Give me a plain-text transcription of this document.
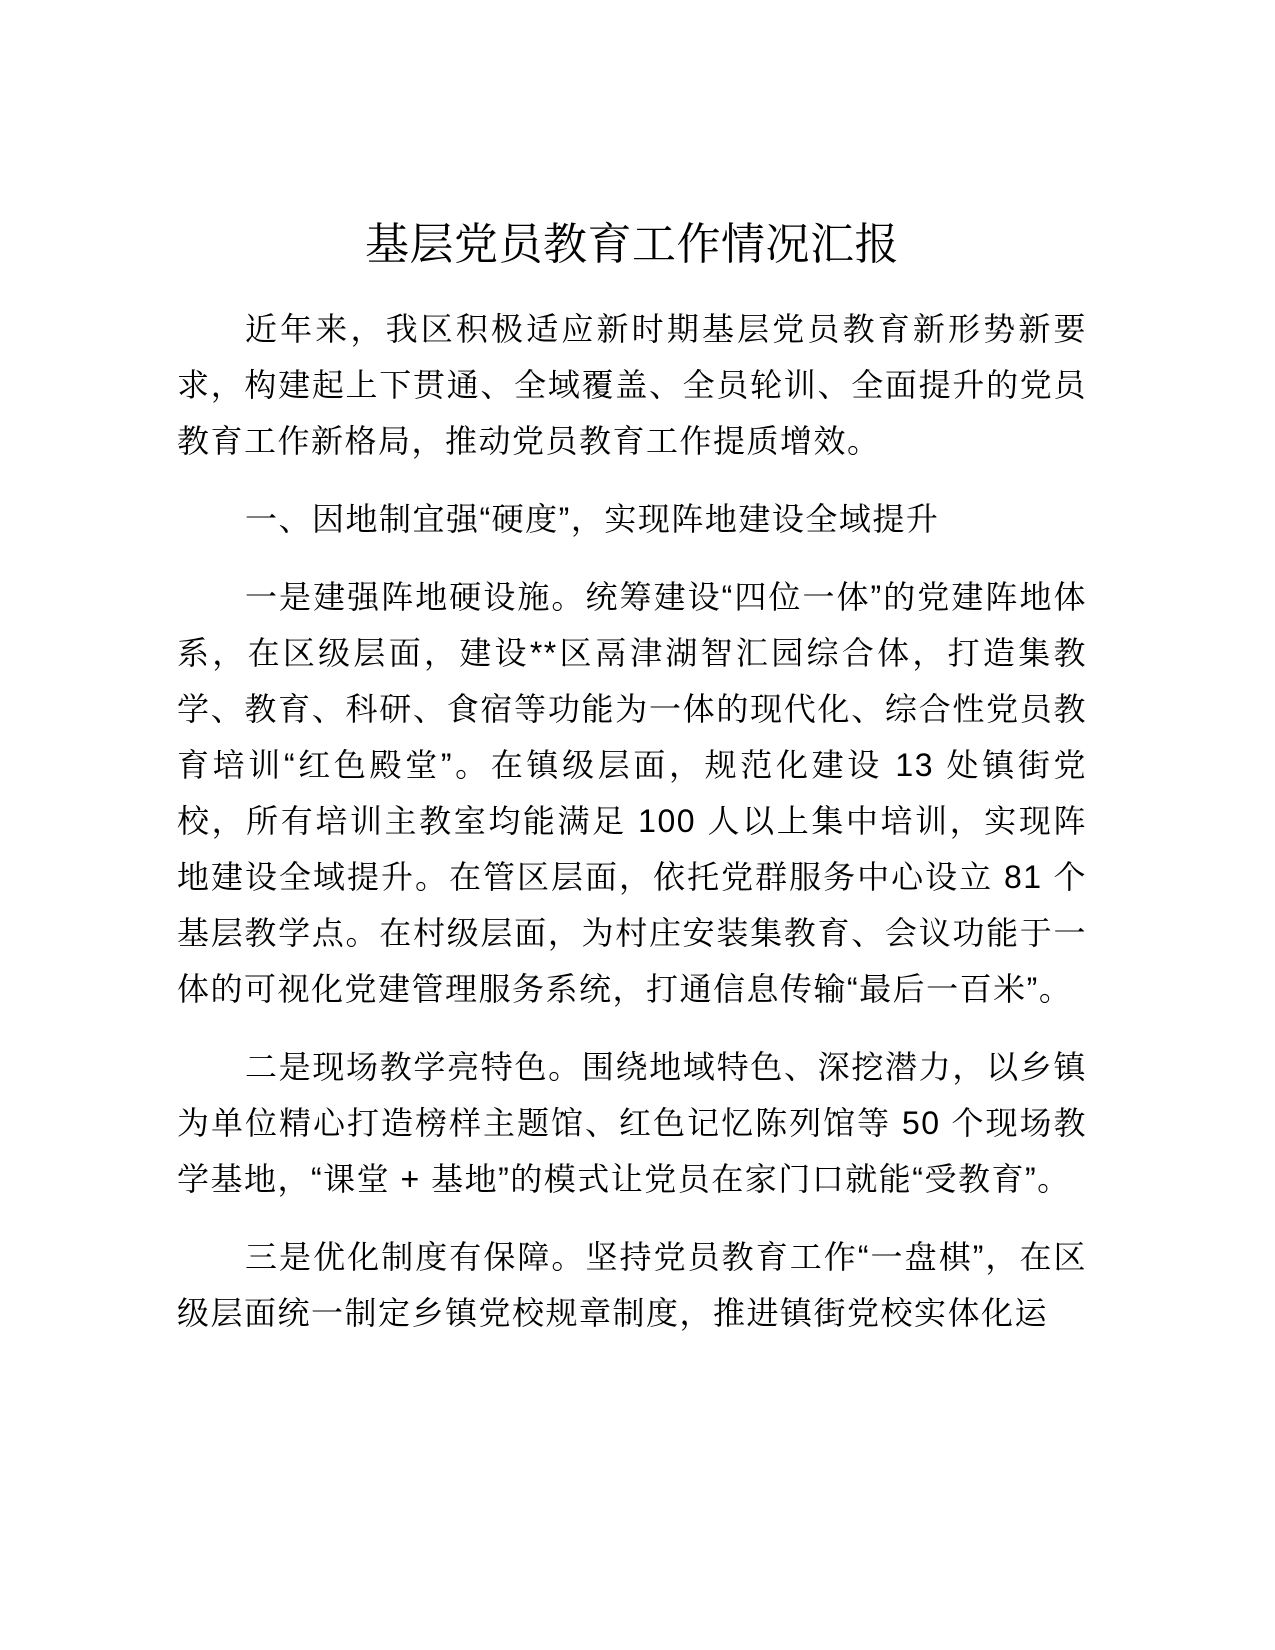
基层党员教育工作情况汇报

近年来，我区积极适应新时期基层党员教育新形势新要求，构建起上下贯通、全域覆盖、全员轮训、全面提升的党员教育工作新格局，推动党员教育工作提质增效。

一、因地制宜强“硬度”，实现阵地建设全域提升

一是建强阵地硬设施。统筹建设“四位一体”的党建阵地体系，在区级层面，建设**区鬲津湖智汇园综合体，打造集教学、教育、科研、食宿等功能为一体的现代化、综合性党员教育培训“红色殿堂”。在镇级层面，规范化建设 13 处镇街党校，所有培训主教室均能满足 100 人以上集中培训，实现阵地建设全域提升。在管区层面，依托党群服务中心设立 81 个基层教学点。在村级层面，为村庄安装集教育、会议功能于一体的可视化党建管理服务系统，打通信息传输“最后一百米”。

二是现场教学亮特色。围绕地域特色、深挖潜力，以乡镇为单位精心打造榜样主题馆、红色记忆陈列馆等 50 个现场教学基地，“课堂 + 基地”的模式让党员在家门口就能“受教育”。

三是优化制度有保障。坚持党员教育工作“一盘棋”，在区级层面统一制定乡镇党校规章制度，推进镇街党校实体化运
